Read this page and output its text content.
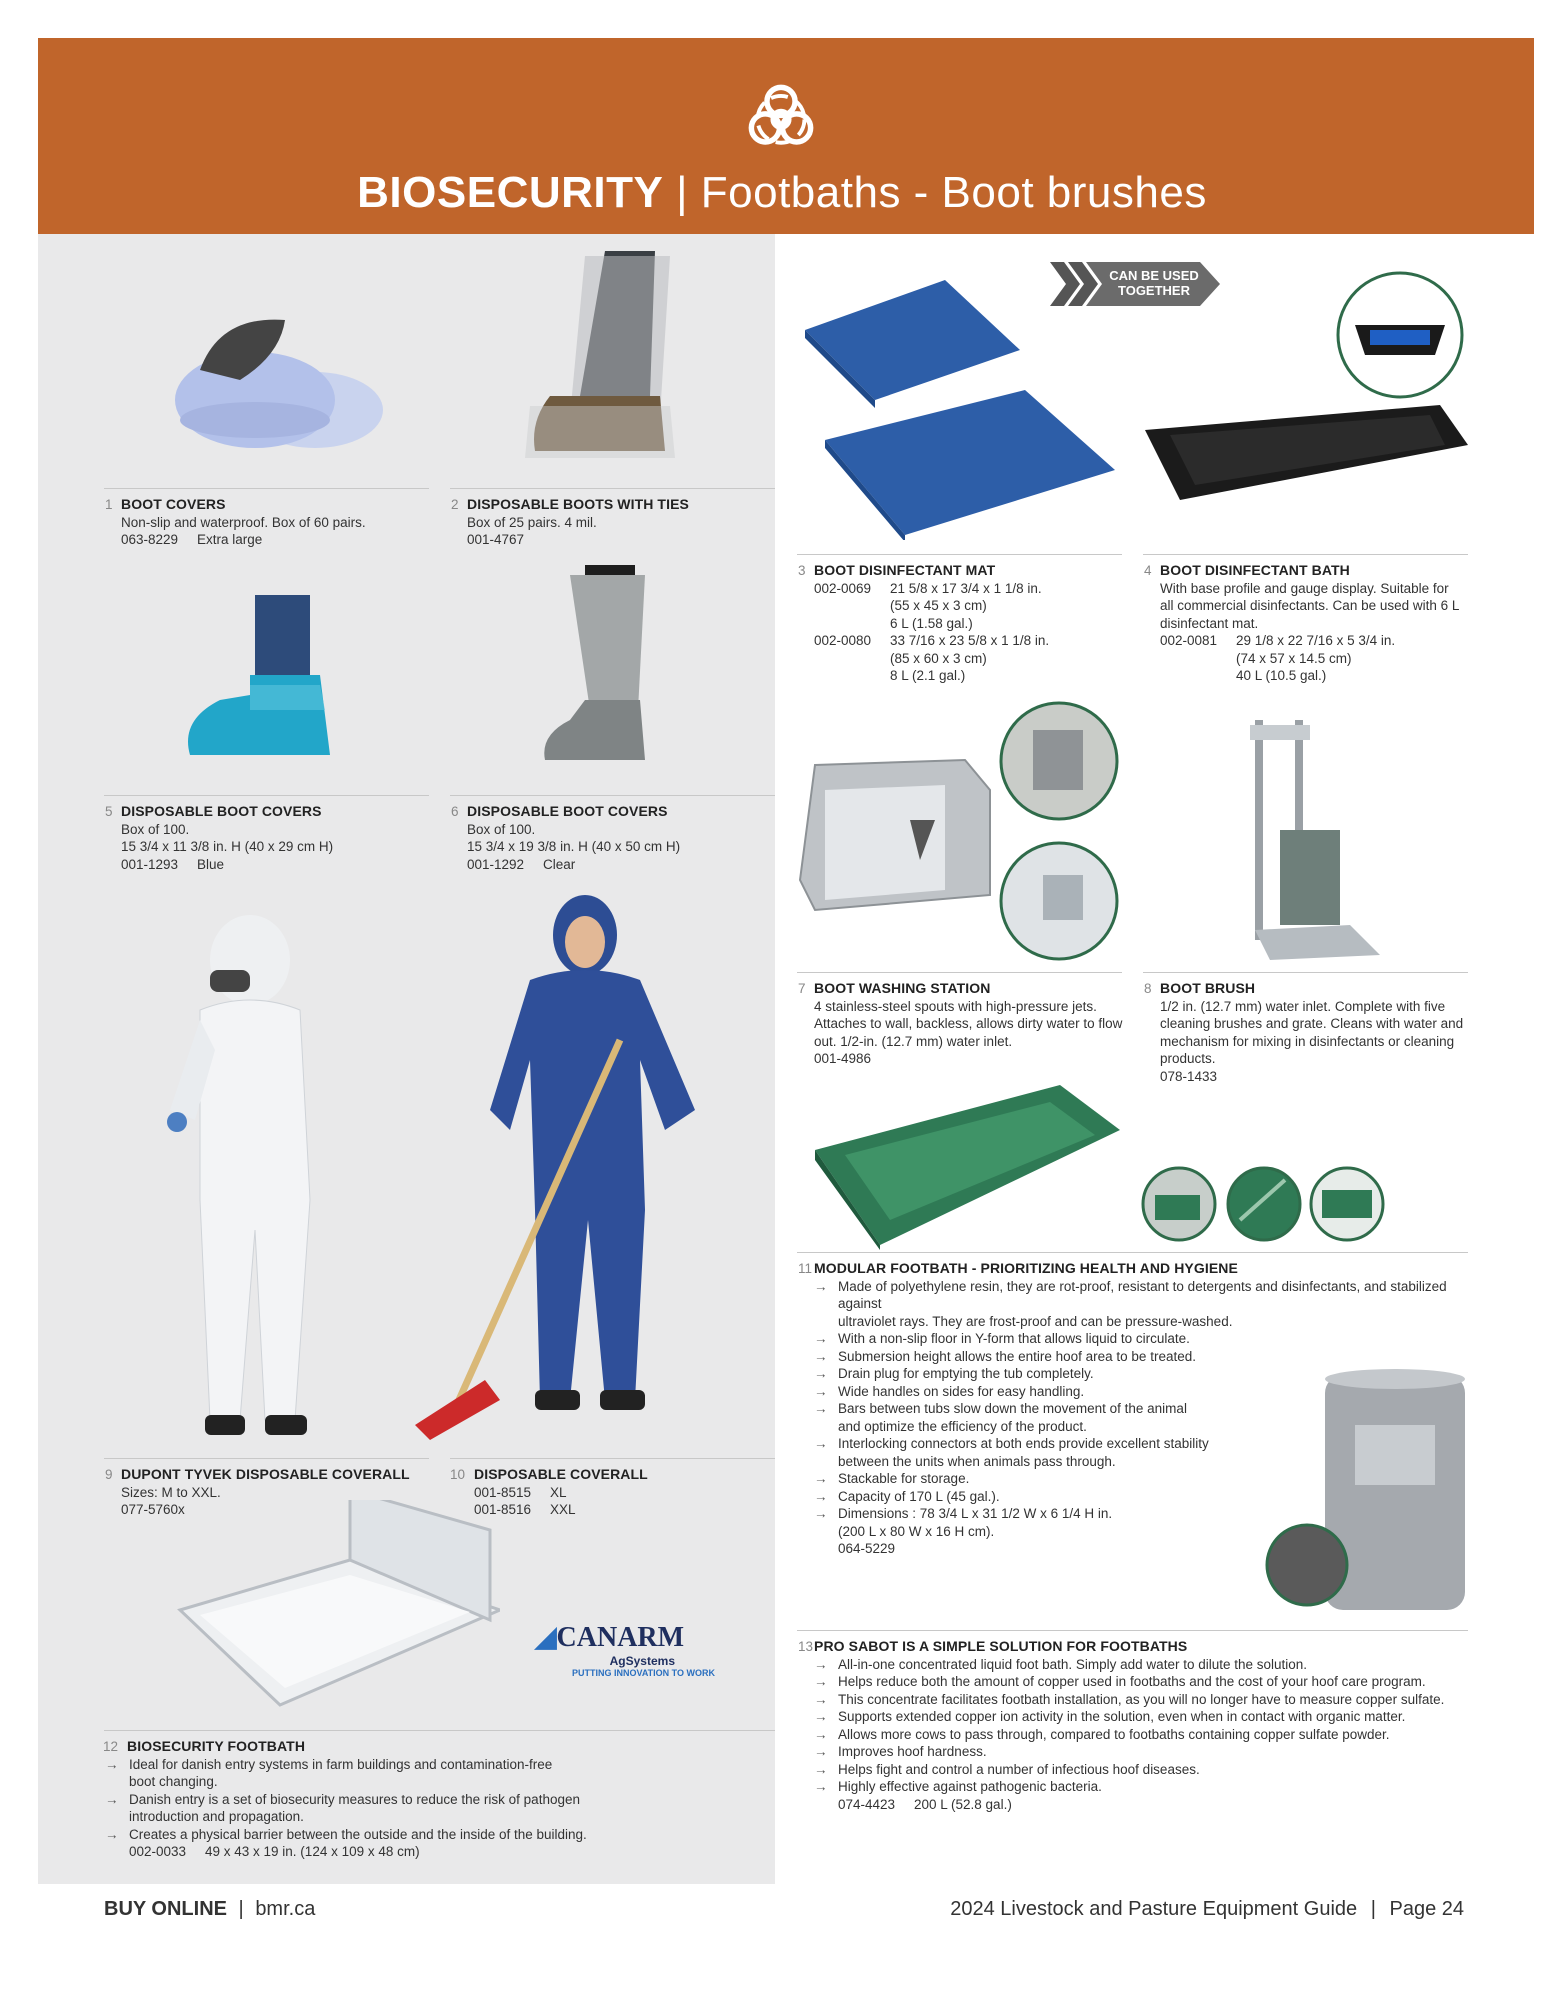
BIOSECURITY | Footbaths - Boot brushes
◢CANARM
AgSystems
PUTTING INNOVATION TO WORK
CAN BE USED
TOGETHER
1 BOOT COVERS
Non-slip and waterproof. Box of 60 pairs.
063-8229 Extra large
2 DISPOSABLE BOOTS WITH TIES
Box of 25 pairs. 4 mil.
001-4767
3 BOOT DISINFECTANT MAT
002-0069 21 5/8 x 17 3/4 x 1 1/8 in.
(55 x 45 x 3 cm)
6 L (1.58 gal.)
002-0080 33 7/16 x 23 5/8 x 1 1/8 in.
(85 x 60 x 3 cm)
8 L (2.1 gal.)
4 BOOT DISINFECTANT BATH
With base profile and gauge display. Suitable for
all commercial disinfectants. Can be used with 6 L
disinfectant mat.
002-0081 29 1/8 x 22 7/16 x 5 3/4 in.
(74 x 57 x 14.5 cm)
40 L (10.5 gal.)
5 DISPOSABLE BOOT COVERS
Box of 100.
15 3/4 x 11 3/8 in. H (40 x 29 cm H)
001-1293 Blue
6 DISPOSABLE BOOT COVERS
Box of 100.
15 3/4 x 19 3/8 in. H (40 x 50 cm H)
001-1292 Clear
7 BOOT WASHING STATION
4 stainless-steel spouts with high-pressure jets.
Attaches to wall, backless, allows dirty water to flow
out. 1/2-in. (12.7 mm) water inlet.
001-4986
8 BOOT BRUSH
1/2 in. (12.7 mm) water inlet. Complete with five
cleaning brushes and grate. Cleans with water and
mechanism for mixing in disinfectants or cleaning
products.
078-1433
11 MODULAR FOOTBATH - PRIORITIZING HEALTH AND HYGIENE
→ Made of polyethylene resin, they are rot-proof, resistant to detergents and disinfectants, and stabilized against
ultraviolet rays. They are frost-proof and can be pressure-washed.
→ With a non-slip floor in Y-form that allows liquid to circulate.
→ Submersion height allows the entire hoof area to be treated.
→ Drain plug for emptying the tub completely.
→ Wide handles on sides for easy handling.
→ Bars between tubs slow down the movement of the animal
and optimize the efficiency of the product.
→ Interlocking connectors at both ends provide excellent stability
between the units when animals pass through.
→ Stackable for storage.
→ Capacity of 170 L (45 gal.).
→ Dimensions : 78 3/4 L x 31 1/2 W x 6 1/4 H in.
(200 L x 80 W x 16 H cm).
064-5229
9 DUPONT TYVEK DISPOSABLE COVERALL
Sizes: M to XXL.
077-5760x
10 DISPOSABLE COVERALL
001-8515 XL
001-8516 XXL
13 PRO SABOT IS A SIMPLE SOLUTION FOR FOOTBATHS
→ All-in-one concentrated liquid foot bath. Simply add water to dilute the solution.
→ Helps reduce both the amount of copper used in footbaths and the cost of your hoof care program.
→ This concentrate facilitates footbath installation, as you will no longer have to measure copper sulfate.
→ Supports extended copper ion activity in the solution, even when in contact with organic matter.
→ Allows more cows to pass through, compared to footbaths containing copper sulfate powder.
→ Improves hoof hardness.
→ Helps fight and control a number of infectious hoof diseases.
→ Highly effective against pathogenic bacteria.
074-4423 200 L (52.8 gal.)
12 BIOSECURITY FOOTBATH
→ Ideal for danish entry systems in farm buildings and contamination-free
boot changing.
→ Danish entry is a set of biosecurity measures to reduce the risk of pathogen
introduction and propagation.
→ Creates a physical barrier between the outside and the inside of the building.
002-0033 49 x 43 x 19 in. (124 x 109 x 48 cm)
BUY ONLINE | bmr.ca	2024 Livestock and Pasture Equipment Guide | Page 24
